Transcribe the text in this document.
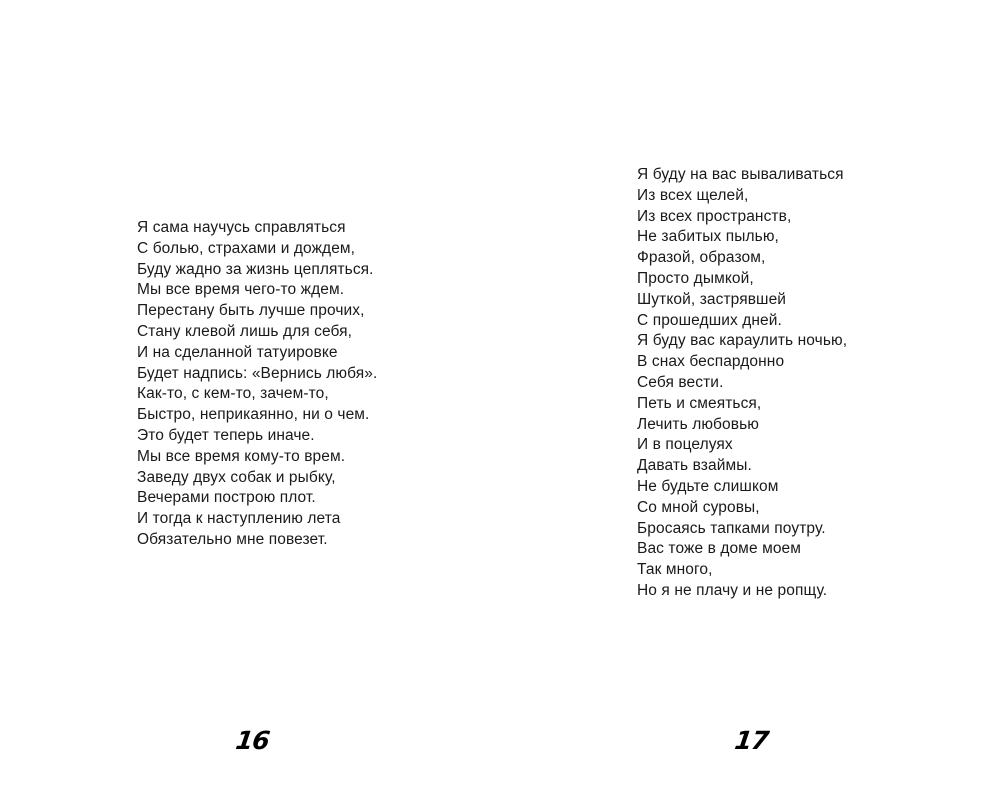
Я сама научусь справляться
С болью, страхами и дождем,
Буду жадно за жизнь цепляться.
Мы все время чего-то ждем.
Перестану быть лучше прочих,
Стану клевой лишь для себя,
И на сделанной татуировке
Будет надпись: «Вернись любя».
Как-то, с кем-то, зачем-то,
Быстро, неприкаянно, ни о чем.
Это будет теперь иначе.
Мы все время кому-то врем.
Заведу двух собак и рыбку,
Вечерами построю плот.
И тогда к наступлению лета
Обязательно мне повезет.
16
Я буду на вас вываливаться
Из всех щелей,
Из всех пространств,
Не забитых пылью,
Фразой, образом,
Просто дымкой,
Шуткой, застрявшей
С прошедших дней.
Я буду вас караулить ночью,
В снах беспардонно
Себя вести.
Петь и смеяться,
Лечить любовью
И в поцелуях
Давать взаймы.
Не будьте слишком
Со мной суровы,
Бросаясь тапками поутру.
Вас тоже в доме моем
Так много,
Но я не плачу и не ропщу.
17
